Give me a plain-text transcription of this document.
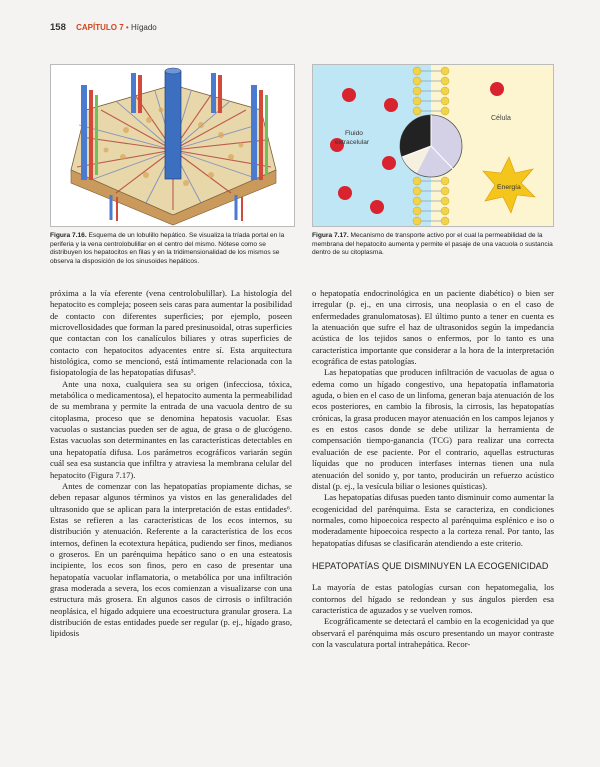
158 CAPÍTULO 7 • Hígado
Célula
Fluido
extracelular
Energía
Figura 7.16. Esquema de un lobulillo hepático. Se visualiza la tríada portal en la periferia y la vena centrolobulillar en el centro del mismo. Nótese como se distribuyen los hepatocitos en filas y en la tridimensionalidad de los mismos se observa la disposición de los sinusoides hepáticos.
Figura 7.17. Mecanismo de transporte activo por el cual la permeabilidad de la membrana del hepatocito aumenta y permite el pasaje de una vacuola o sustancia dentro de su citoplasma.

próxima a la vía eferente (vena centrolobulillar). La histología del hepatocito es compleja; poseen seis caras para aumentar la posibilidad de contacto con diferentes superficies; por ejemplo, poseen microvellosidades que forman la pared presinusoidal, otras superficies que contactan con los canalículos biliares y otras superficies de contacto con hepatocitos adyacentes entre sí. Esta arquitectura histológica, como se mencionó, está íntimamente relacionada con la fisiopatología de las hepatopatías difusas⁵.

Ante una noxa, cualquiera sea su origen (infecciosa, tóxica, metabólica o medicamentosa), el hepatocito aumenta la permeabilidad de su membrana y permite la entrada de una vacuola dentro de su citoplasma, proceso que se denomina hepatosis vacuolar. Esas vacuolas o sustancias pueden ser de agua, de grasa o de glucógeno. Estas vacuolas son determinantes en las características detectables en una hepatopatía difusa. Los parámetros ecográficos variarán según cuál sea esa sustancia que infiltra y atraviesa la membrana celular del hepatocito (Figura 7.17).

Antes de comenzar con las hepatopatías propiamente dichas, se deben repasar algunos términos ya vistos en las generalidades del ultrasonido que se aplican para la interpretación de estas entidades⁶. Estas se refieren a las características de los ecos internos, su distribución y atenuación. Referente a la característica de los ecos internos, definen la ecotextura hepática, pudiendo ser finos, medianos o groseros. En un parénquima hepático sano o en una esteatosis incipiente, los ecos son finos, pero en caso de presentar una hepatopatía vacuolar inflamatoria, o metabólica por una infiltración grasa moderada a severa, los ecos comienzan a visualizarse con una estructura más grosera. En algunos casos de cirrosis o infiltración neoplásica, el hígado adquiere una ecoestructura granular grosera. La distribución de estas entidades puede ser regular (p. ej., hígado graso, lipidosis

o hepatopatía endocrinológica en un paciente diabético) o bien ser irregular (p. ej., en una cirrosis, una neoplasia o en el caso de enfermedades granulomatosas). El último punto a tener en cuenta es la atenuación que sufre el haz de ultrasonidos según la impedancia acústica de los tejidos sanos o enfermos, por lo tanto es una característica importante que considerar a la hora de la interpretación ecográfica de estas patologías.

Las hepatopatías que producen infiltración de vacuolas de agua o edema como un hígado congestivo, una hepatopatía inflamatoria aguda, o bien en el caso de un linfoma, generan baja atenuación de los ecos posteriores, en cambio la fibrosis, la cirrosis, las hepatopatías crónicas, la grasa producen mayor atenuación en los campos lejanos y es en estos casos donde se debe utilizar la herramienta de compensación tiempo-ganancia (TCG) para realizar una correcta evaluación de ese paciente. Por el contrario, aquellas estructuras líquidas que no producen interfases internas tienen una nula atenuación del sonido y, por tanto, producirán un refuerzo acústico distal (p. ej., la vesícula biliar o lesiones quísticas).

Las hepatopatías difusas pueden tanto disminuir como aumentar la ecogenicidad del parénquima. Esta se caracteriza, en condiciones normales, como hipoecoica respecto al parénquima esplénico e iso o moderadamente hipoecoica respecto a la corteza renal. Por tanto, las hepatopatías difusas se clasificarán atendiendo a este criterio.

HEPATOPATÍAS QUE DISMINUYEN LA ECOGENICIDAD

La mayoría de estas patologías cursan con hepatomegalia, los contornos del hígado se redondean y sus ángulos pierden esa característica de aguzados y se vuelven romos.

Ecográficamente se detectará el cambio en la ecogenicidad ya que observará el parénquima más oscuro presentando un mayor contraste con la vasculatura portal intrahepática. Recor-
